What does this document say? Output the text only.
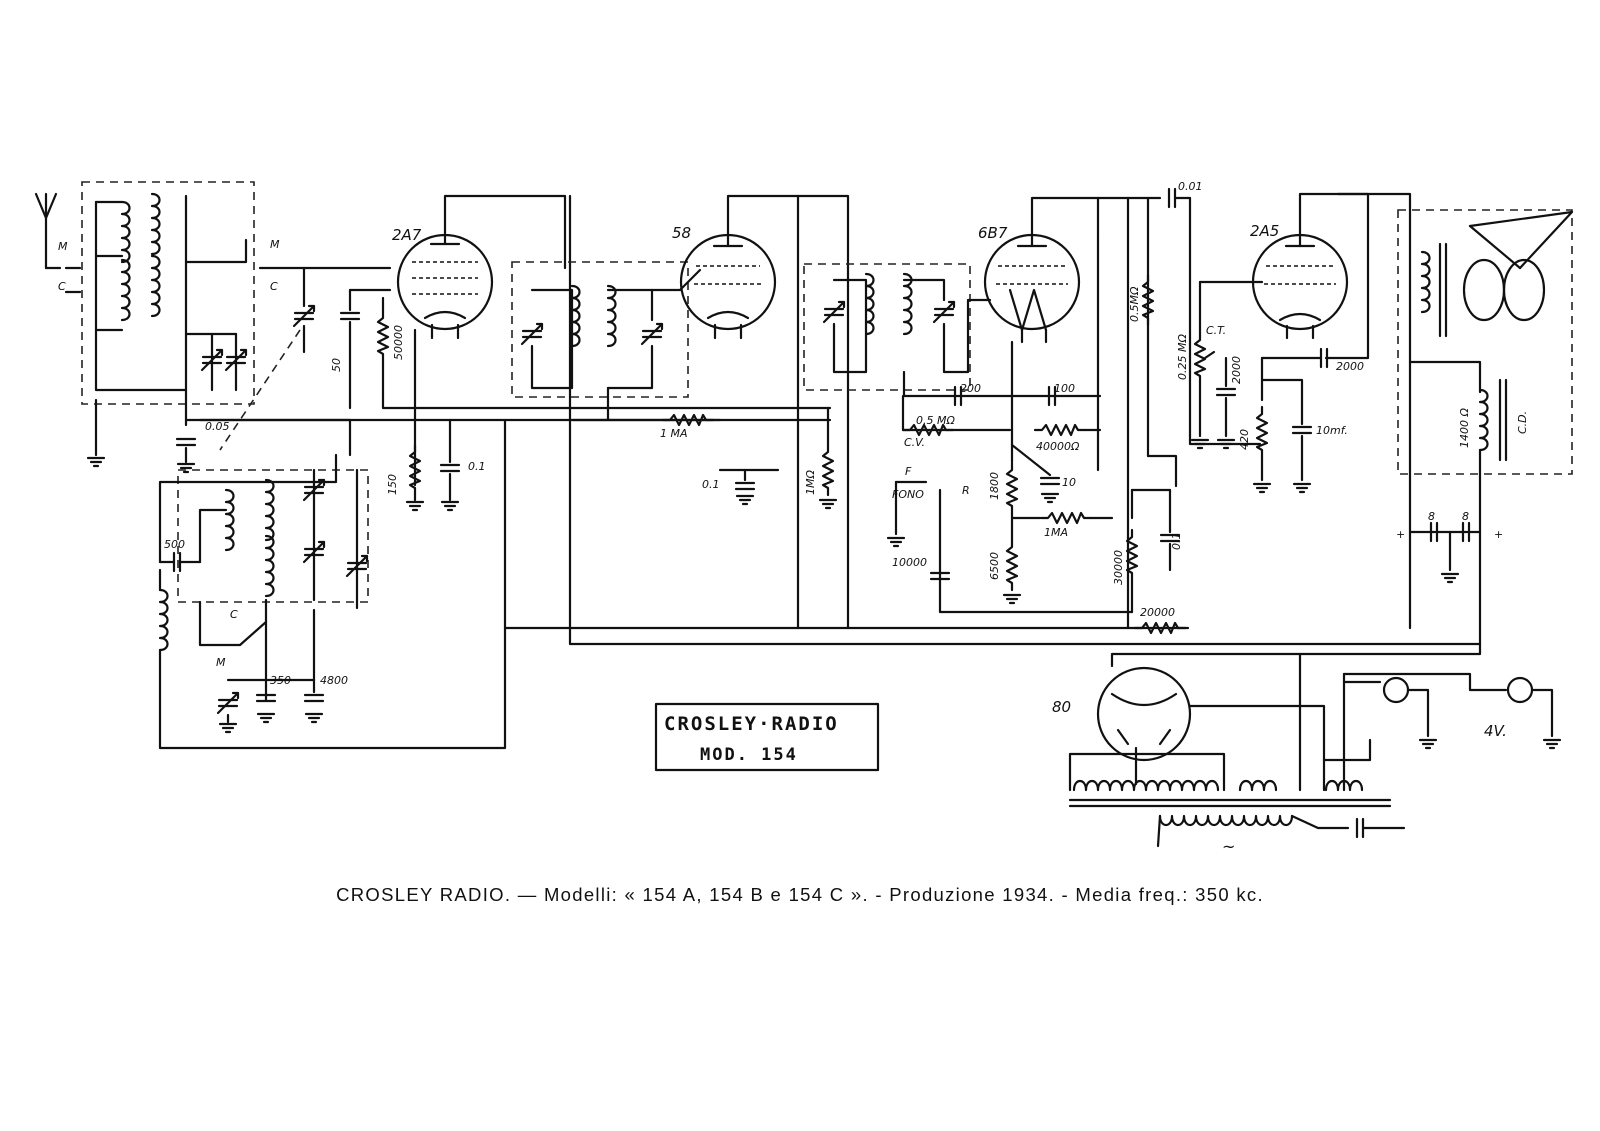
M
C
M
C
0.05
50
50000
2A7
150
0.1
500
C
M
350	4800
58
1 MA
0.1	1MΩ
6B7
0.01
0.5MΩ
200	100
0.5 MΩ
C.V.	40000Ω
1800	10
1MA
6500
10000
F
FONO	R
30000
0.1
20000
0.25 MΩ
C.T.
2000
2A5
2000
420	10mf.	1400 Ω	C.D.
8 8
+	+
80
~
4V.
CROSLEY·RADIO
MOD. 154
CROSLEY RADIO. — Modelli: « 154 A, 154 B e 154 C ». - Produzione 1934. - Media freq.: 350 kc.
